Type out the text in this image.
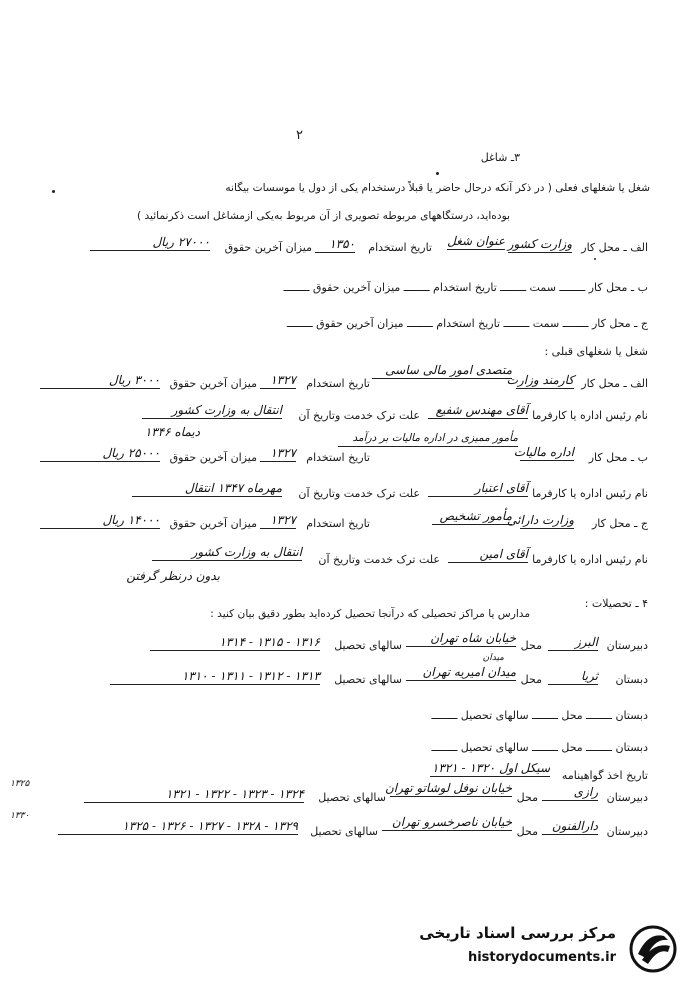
۲
۳ـ شاغل
شغل یا شغلهای فعلی ( در ذکر آنکه درحال حاضر یا قبلاً درستخدام یکی از دول یا موسسات بیگانه
بوده‌اید، درستگاههای مربوطه تصویری از آن مربوط به‌یکی ازمشاغل است ذکرنمائید )
الف ـ محل کار
وزارت کشور
عنوان شغل
تاریخ استخدام
۱۳۵۰
میزان آخرین حقوق
۲۷۰۰۰ ریال
ب ـ محل کار ــــــــ سمت ــــــــ تاریخ استخدام ــــــــ میزان آخرین حقوق ــــــــ
ج ـ محل کار ــــــــ سمت ــــــــ تاریخ استخدام ــــــــ میزان آخرین حقوق ــــــــ
شغل یا شغلهای قبلی :
الف ـ محل کار
کارمند وزارت
متصدی امور مالی ساسی
تاریخ استخدام
۱۳۲۷
میزان آخرین حقوق
۳۰۰۰ ریال
نام رئیس اداره یا کارفرما
آقای مهندس شفیع
علت ترک خدمت وتاریخ آن
انتقال به وزارت کشور
دیماه ۱۳۴۶
ب ـ محل کار
اداره مالیات
مأمور ممیزی در اداره مالیات بر درآمد
تاریخ استخدام
۱۳۲۷
میزان آخرین حقوق
۲۵۰۰۰ ریال
نام رئیس اداره یا کارفرما
آقای اعتبار
علت ترک خدمت وتاریخ آن
مهرماه ۱۳۴۷ انتقال
ج ـ محل کار
وزارت دارائی
مأمور تشخیص
تاریخ استخدام
۱۳۲۷
میزان آخرین حقوق
۱۴۰۰۰ ریال
نام رئیس اداره یا کارفرما
آقای امین
علت ترک خدمت وتاریخ آن
انتقال به وزارت کشور
بدون درنظر گرفتن
۴ ـ تحصیلات :
مدارس یا مراکز تحصیلی که درآنجا تحصیل کرده‌اید بطور دقیق بیان کنید :
دبیرستان
البرز
محل
خیابان شاه تهران
سالهای تحصیل
۱۳۱۶ - ۱۳۱۵ - ۱۳۱۴
میدان
دبستان
ثریا
محل
میدان امیریه تهران
سالهای تحصیل
۱۳۱۳ - ۱۳۱۲ - ۱۳۱۱ - ۱۳۱۰
دبستان ــــــــ محل ــــــــ سالهای تحصیل ــــــــ
دبستان ــــــــ محل ــــــــ سالهای تحصیل ــــــــ
تاریخ اخذ گواهینامه
سیکل اول ۱۳۲۰ - ۱۳۲۱
۱۳۲۵
دبیرستان
رازی
محل
خیابان نوفل لوشاتو تهران
سالهای تحصیل
۱۳۲۴ - ۱۳۲۳ - ۱۳۲۲ - ۱۳۲۱
۱۳۳۰
دبیرستان
دارالفنون
محل
خیابان ناصرخسرو تهران
سالهای تحصیل
۱۳۲۹ - ۱۳۲۸ - ۱۳۲۷ - ۱۳۲۶ - ۱۳۲۵
مرکز بررسی اسناد تاریخی
historydocuments.ir
